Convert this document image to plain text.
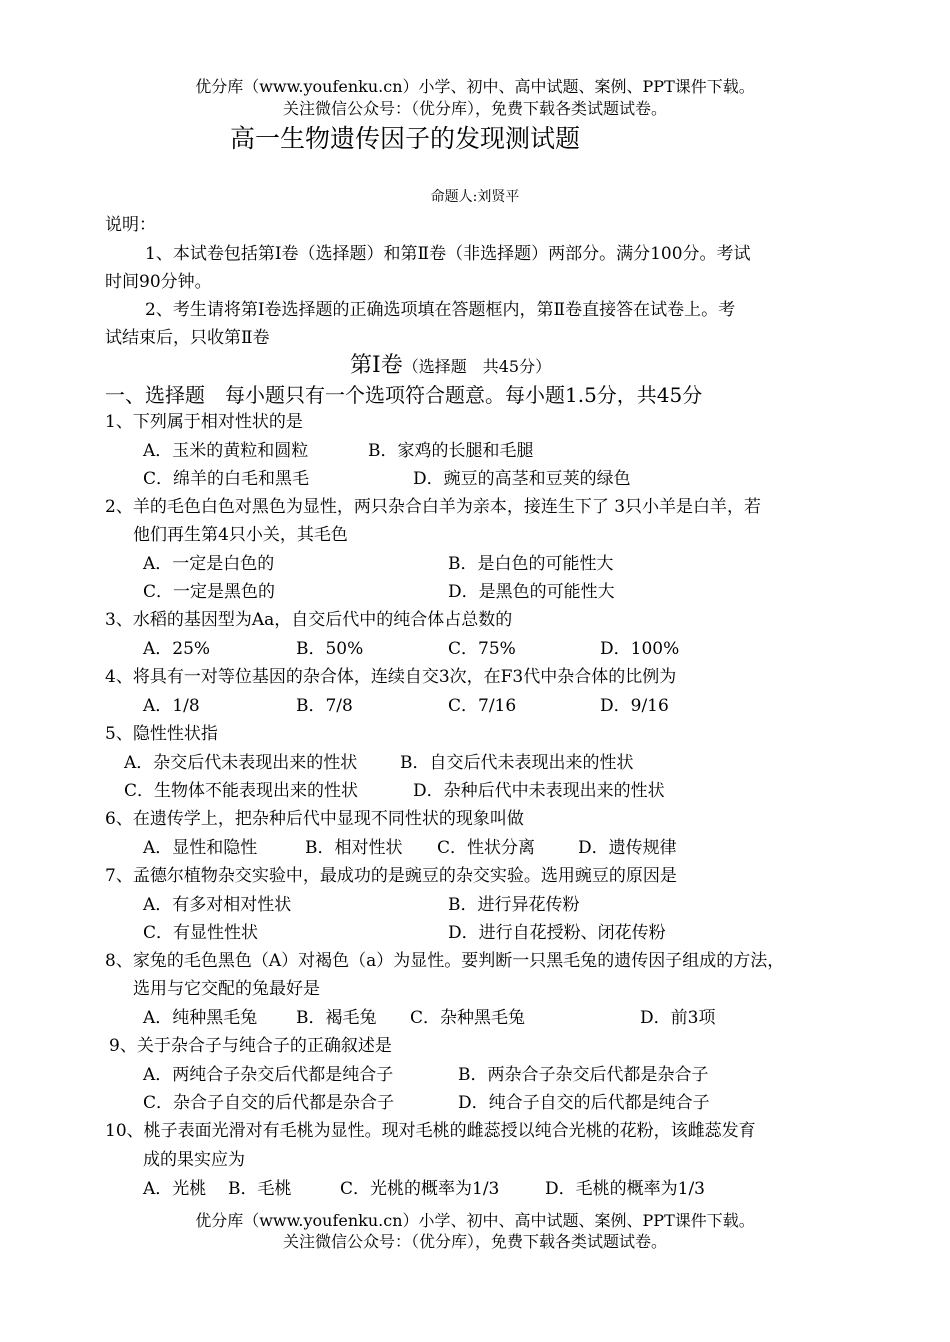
优分库（www.youfenku.cn）小学、初中、高中试题、案例、PPT课件下载。
关注微信公众号：（优分库），免费下载各类试题试卷。
高一生物遗传因子的发现测试题
命题人:刘贤平
说明：
1、本试卷包括第Ⅰ卷（选择题）和第Ⅱ卷（非选择题）两部分。满分100分。考试
时间90分钟。
2、考生请将第Ⅰ卷选择题的正确选项填在答题框内，第Ⅱ卷直接答在试卷上。考
试结束后，只收第Ⅱ卷
第Ⅰ卷（选择题　共45分）
一、选择题　每小题只有一个选项符合题意。每小题1.5分，共45分
1、下列属于相对性状的是
A．玉米的黄粒和圆粒	B．家鸡的长腿和毛腿
C．绵羊的白毛和黑毛	D．豌豆的高茎和豆荚的绿色
2、羊的毛色白色对黑色为显性，两只杂合白羊为亲本，接连生下了 3只小羊是白羊，若
他们再生第4只小关，其毛色
A．一定是白色的	B．是白色的可能性大
C．一定是黑色的	D．是黑色的可能性大
3、水稻的基因型为Aa，自交后代中的纯合体占总数的
A．25%	B．50%	C．75%	D．100%
4、将具有一对等位基因的杂合体，连续自交3次，在F3代中杂合体的比例为
A．1/8	B．7/8	C．7/16	D．9/16
5、隐性性状指
A．杂交后代未表现出来的性状	B．自交后代未表现出来的性状
C．生物体不能表现出来的性状	D．杂种后代中未表现出来的性状
6、在遗传学上，把杂种后代中显现不同性状的现象叫做
A．显性和隐性	B．相对性状 C．性状分离	D．遗传规律
7、孟德尔植物杂交实验中，最成功的是豌豆的杂交实验。选用豌豆的原因是
A．有多对相对性状	B．进行异花传粉
C．有显性性状	D．进行自花授粉、闭花传粉
8、家兔的毛色黑色（A）对褐色（a）为显性。要判断一只黑毛兔的遗传因子组成的方法，
选用与它交配的兔最好是
A．纯种黑毛兔 B．褐毛兔 C．杂种黑毛兔	D．前3项
9、关于杂合子与纯合子的正确叙述是
A．两纯合子杂交后代都是纯合子	B．两杂合子杂交后代都是杂合子
C．杂合子自交的后代都是杂合子	D．纯合子自交的后代都是纯合子
10、桃子表面光滑对有毛桃为显性。现对毛桃的雌蕊授以纯合光桃的花粉，该雌蕊发育
成的果实应为
A．光桃 B．毛桃	C．光桃的概率为1/3	D．毛桃的概率为1/3
优分库（www.youfenku.cn）小学、初中、高中试题、案例、PPT课件下载。
关注微信公众号：（优分库），免费下载各类试题试卷。
